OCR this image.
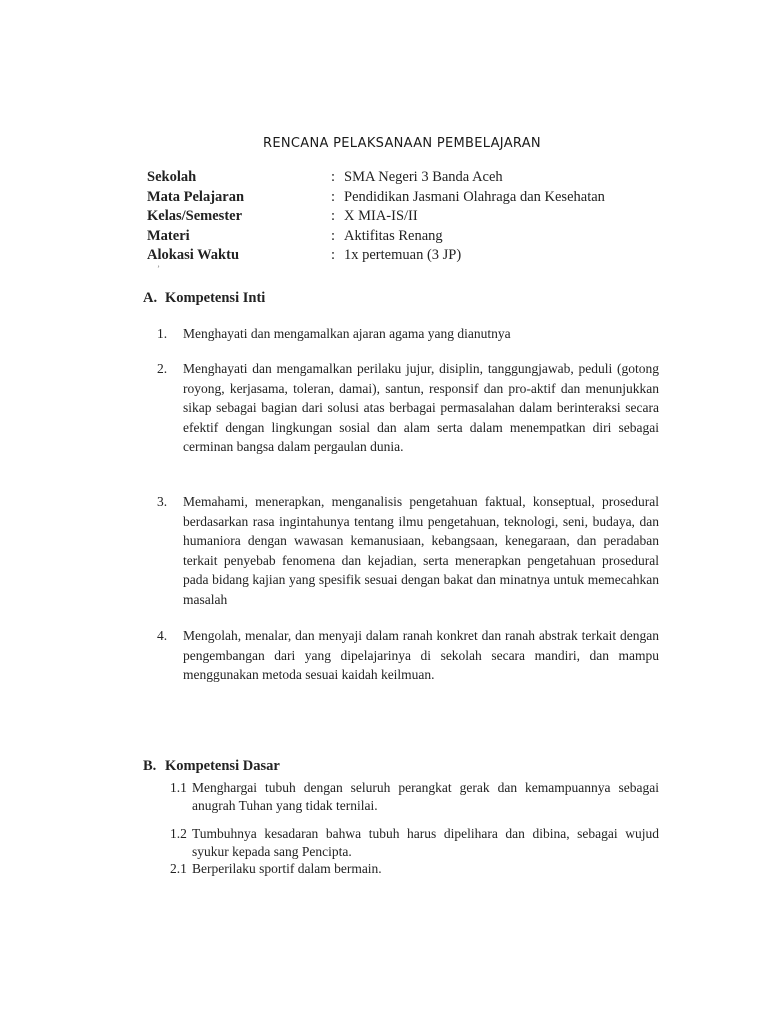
RENCANA PELAKSANAAN PEMBELAJARAN
Sekolah	: SMA Negeri 3 Banda Aceh
Mata Pelajaran	: Pendidikan Jasmani Olahraga dan Kesehatan
Kelas/Semester	: X MIA-IS/II
Materi	: Aktifitas Renang
Alokasi Waktu	: 1x pertemuan (3 JP)
ʼ
A. Kompetensi Inti
1. Menghayati dan mengamalkan ajaran agama yang dianutnya
2. Menghayati dan mengamalkan perilaku jujur, disiplin, tanggungjawab, peduli (gotong royong, kerjasama, toleran, damai), santun, responsif dan pro-aktif dan menunjukkan sikap sebagai bagian dari solusi atas berbagai permasalahan dalam berinteraksi secara efektif dengan lingkungan sosial dan alam serta dalam menempatkan diri sebagai cerminan bangsa dalam pergaulan dunia.
3. Memahami, menerapkan, menganalisis pengetahuan faktual, konseptual, prosedural berdasarkan rasa ingintahunya tentang ilmu pengetahuan, teknologi, seni, budaya, dan humaniora dengan wawasan kemanusiaan, kebangsaan, kenegaraan, dan peradaban terkait penyebab fenomena dan kejadian, serta menerapkan pengetahuan prosedural pada bidang kajian yang spesifik sesuai dengan bakat dan minatnya untuk memecahkan masalah
4. Mengolah, menalar, dan menyaji dalam ranah konkret dan ranah abstrak terkait dengan pengembangan dari yang dipelajarinya di sekolah secara mandiri, dan mampu menggunakan metoda sesuai kaidah keilmuan.
B. Kompetensi Dasar
1.1 Menghargai tubuh dengan seluruh perangkat gerak dan kemampuannya sebagai anugrah Tuhan yang tidak ternilai.
1.2 Tumbuhnya kesadaran bahwa tubuh harus dipelihara dan dibina, sebagai wujud syukur kepada sang Pencipta.
2.1 Berperilaku sportif dalam bermain.
